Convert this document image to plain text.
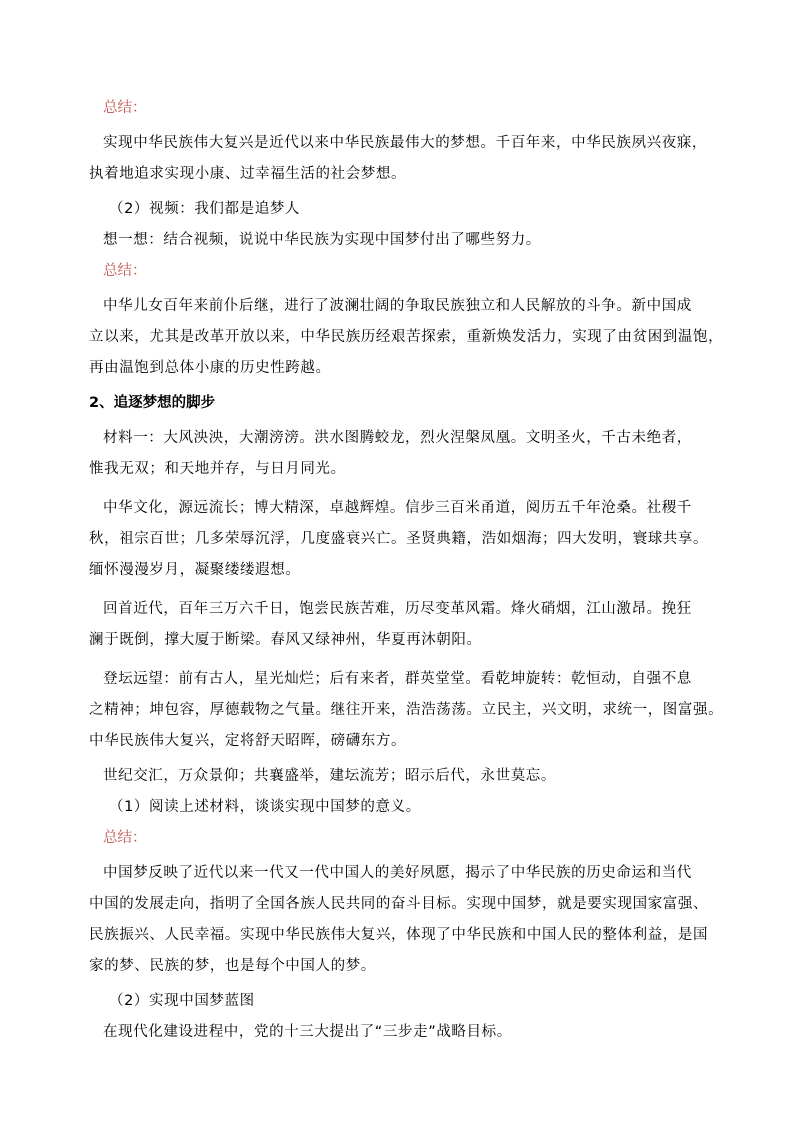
总结：
实现中华民族伟大复兴是近代以来中华民族最伟大的梦想。千百年来，中华民族夙兴夜寐，
执着地追求实现小康、过幸福生活的社会梦想。
（2）视频：我们都是追梦人
想一想：结合视频，说说中华民族为实现中国梦付出了哪些努力。
总结：
中华儿女百年来前仆后继，进行了波澜壮阔的争取民族独立和人民解放的斗争。新中国成
立以来，尤其是改革开放以来，中华民族历经艰苦探索，重新焕发活力，实现了由贫困到温饱，
再由温饱到总体小康的历史性跨越。
2、追逐梦想的脚步
材料一：大风泱泱，大潮滂滂。洪水图腾蛟龙，烈火涅槃凤凰。文明圣火，千古未绝者，
惟我无双；和天地并存，与日月同光。
中华文化，源远流长；博大精深，卓越辉煌。信步三百米甬道，阅历五千年沧桑。社稷千
秋，祖宗百世；几多荣辱沉浮，几度盛衰兴亡。圣贤典籍，浩如烟海；四大发明，寰球共享。
缅怀漫漫岁月，凝聚缕缕遐想。
回首近代，百年三万六千日，饱尝民族苦难，历尽变革风霜。烽火硝烟，江山激昂。挽狂
澜于既倒，撑大厦于断梁。春风又绿神州，华夏再沐朝阳。
登坛远望：前有古人，星光灿烂；后有来者，群英堂堂。看乾坤旋转：乾恒动，自强不息
之精神；坤包容，厚德载物之气量。继往开来，浩浩荡荡。立民主，兴文明，求统一，图富强。
中华民族伟大复兴，定将舒天昭晖，磅礴东方。
世纪交汇，万众景仰；共襄盛举，建坛流芳；昭示后代，永世莫忘。
（1）阅读上述材料，谈谈实现中国梦的意义。
总结：
中国梦反映了近代以来一代又一代中国人的美好夙愿，揭示了中华民族的历史命运和当代
中国的发展走向，指明了全国各族人民共同的奋斗目标。实现中国梦，就是要实现国家富强、
民族振兴、人民幸福。实现中华民族伟大复兴，体现了中华民族和中国人民的整体利益，是国
家的梦、民族的梦，也是每个中国人的梦。
（2）实现中国梦蓝图
在现代化建设进程中，党的十三大提出了“三步走”战略目标。
